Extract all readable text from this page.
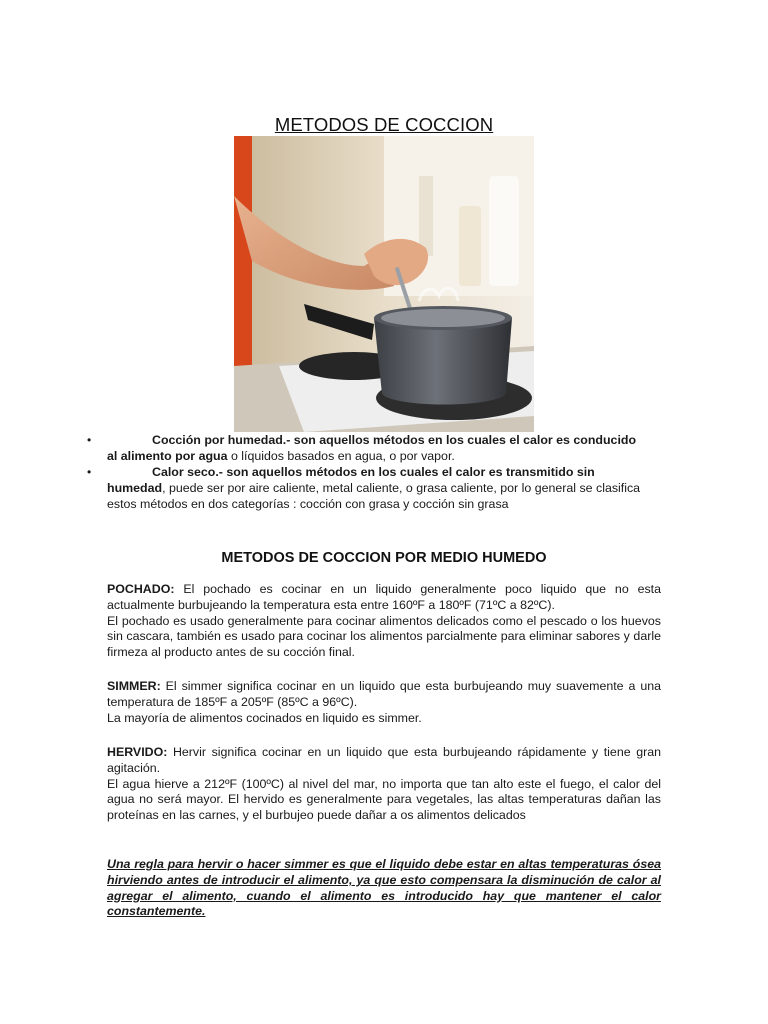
METODOS DE COCCION
•	Cocción por humedad.- son aquellos métodos en los cuales el calor es conducido al alimento por agua o líquidos basados en agua, o por vapor.
•	Calor seco.- son aquellos métodos en los cuales el calor es transmitido sin humedad, puede ser por aire caliente, metal caliente, o grasa caliente, por lo general se clasifica estos métodos en dos categorías : cocción con grasa y cocción sin grasa
METODOS DE COCCION POR MEDIO HUMEDO

POCHADO: El pochado es cocinar en un liquido generalmente poco liquido que no esta actualmente burbujeando la temperatura esta entre 160ºF a 180ºF (71ºC a 82ºC).
El pochado es usado generalmente para cocinar alimentos delicados como el pescado o los huevos sin cascara, también es usado para cocinar los alimentos parcialmente para eliminar sabores y darle firmeza al producto antes de su cocción final.

SIMMER: El simmer significa cocinar en un liquido que esta burbujeando muy suavemente a una temperatura de 185ºF a 205ºF (85ºC a 96ºC).
La mayoría de alimentos cocinados en liquido es simmer.

HERVIDO: Hervir significa cocinar en un liquido que esta burbujeando rápidamente y tiene gran agitación.
El agua hierve a 212ºF (100ºC) al nivel del mar, no importa que tan alto este el fuego, el calor del agua no será mayor. El hervido es generalmente para vegetales, las altas temperaturas dañan las proteínas en las carnes, y el burbujeo puede dañar a os alimentos delicados

Una regla para hervir o hacer simmer es que el liquido debe estar en altas temperaturas ósea hirviendo antes de introducir el alimento, ya que esto compensara la disminución de calor al agregar el alimento, cuando el alimento es introducido hay que mantener el calor constantemente.
